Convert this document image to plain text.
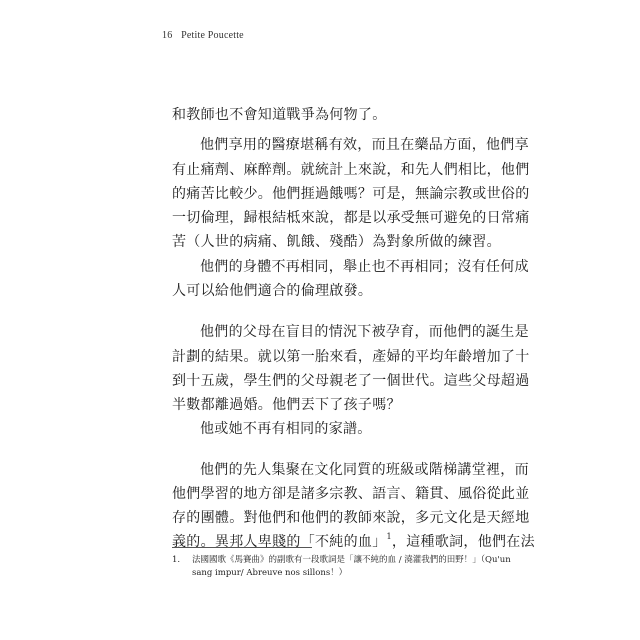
16 Petite Poucette
和教師也不會知道戰爭為何物了。
他們享用的醫療堪稱有效，而且在藥品方面，他們享
有止痛劑、麻醉劑。就統計上來說，和先人們相比，他們
的痛苦比較少。他們捱過餓嗎？可是，無論宗教或世俗的
一切倫理，歸根結柢來說，都是以承受無可避免的日常痛
苦（人世的病痛、飢餓、殘酷）為對象所做的練習。
他們的身體不再相同，舉止也不再相同；沒有任何成
人可以給他們適合的倫理啟發。
他們的父母在盲目的情況下被孕育，而他們的誕生是
計劃的結果。就以第一胎來看，產婦的平均年齡增加了十
到十五歲，學生們的父母親老了一個世代。這些父母超過
半數都離過婚。他們丟下了孩子嗎？
他或她不再有相同的家譜。
他們的先人集聚在文化同質的班級或階梯講堂裡，而
他們學習的地方卻是諸多宗教、語言、籍貫、風俗從此並
存的團體。對他們和他們的教師來說，多元文化是天經地
義的。異邦人卑賤的「不純的血」$^1$，這種歌詞，他們在法
1. 法國國歌《馬賽曲》的副歌有一段歌詞是「讓不純的血 / 澆灌我們的田野！」（Qu'un
sang impur/ Abreuve nos sillons！）
